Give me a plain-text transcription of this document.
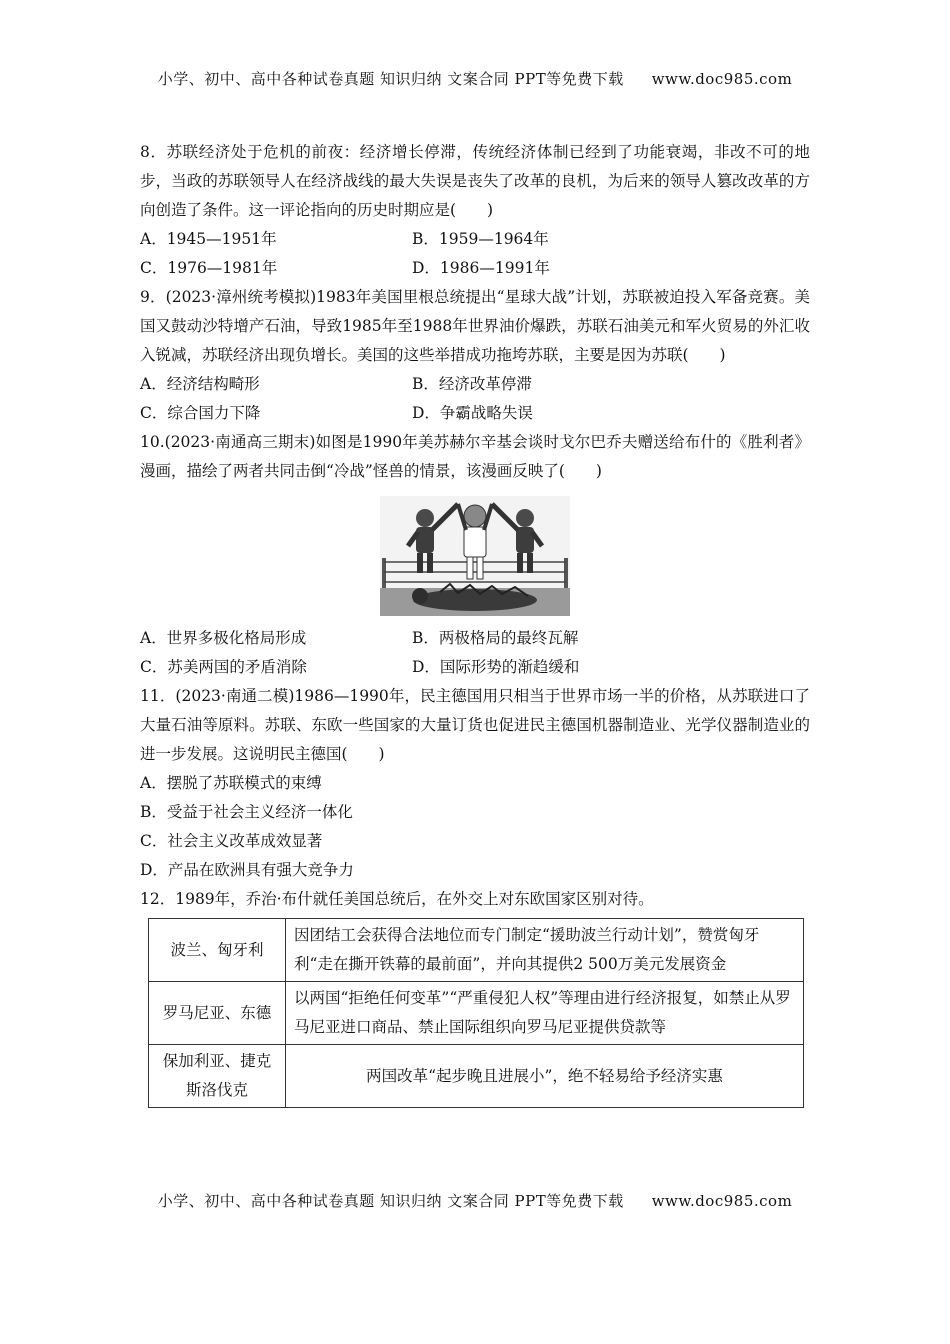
小学、初中、高中各种试卷真题 知识归纳 文案合同 PPT等免费下载 www.doc985.com

8．苏联经济处于危机的前夜：经济增长停滞，传统经济体制已经到了功能衰竭，非改不可的地步，当政的苏联领导人在经济战线的最大失误是丧失了改革的良机，为后来的领导人篡改改革的方向创造了条件。这一评论指向的历史时期应是(　　)

A．1945—1951年	B．1959—1964年
C．1976—1981年	D．1986—1991年

9．(2023·漳州统考模拟)1983年美国里根总统提出“星球大战”计划，苏联被迫投入军备竞赛。美国又鼓动沙特增产石油，导致1985年至1988年世界油价爆跌，苏联石油美元和军火贸易的外汇收入锐减，苏联经济出现负增长。美国的这些举措成功拖垮苏联，主要是因为苏联(　　)

A．经济结构畸形	B．经济改革停滞
C．综合国力下降	D．争霸战略失误

10.(2023·南通高三期末)如图是1990年美苏赫尔辛基会谈时戈尔巴乔夫赠送给布什的《胜利者》漫画，描绘了两者共同击倒“冷战”怪兽的情景，该漫画反映了(　　)

A．世界多极化格局形成	B．两极格局的最终瓦解
C．苏美两国的矛盾消除	D．国际形势的渐趋缓和

11．(2023·南通二模)1986—1990年，民主德国用只相当于世界市场一半的价格，从苏联进口了大量石油等原料。苏联、东欧一些国家的大量订货也促进民主德国机器制造业、光学仪器制造业的进一步发展。这说明民主德国(　　)

A．摆脱了苏联模式的束缚
B．受益于社会主义经济一体化
C．社会主义改革成效显著
D．产品在欧洲具有强大竞争力

12．1989年，乔治·布什就任美国总统后，在外交上对东欧国家区别对待。

波兰、匈牙利	因团结工会获得合法地位而专门制定“援助波兰行动计划”，赞赏匈牙利“走在撕开铁幕的最前面”，并向其提供2 500万美元发展资金
罗马尼亚、东德	以两国“拒绝任何变革”“严重侵犯人权”等理由进行经济报复，如禁止从罗马尼亚进口商品、禁止国际组织向罗马尼亚提供贷款等
保加利亚、捷克斯洛伐克	两国改革“起步晚且进展小”，绝不轻易给予经济实惠
小学、初中、高中各种试卷真题 知识归纳 文案合同 PPT等免费下载 www.doc985.com
